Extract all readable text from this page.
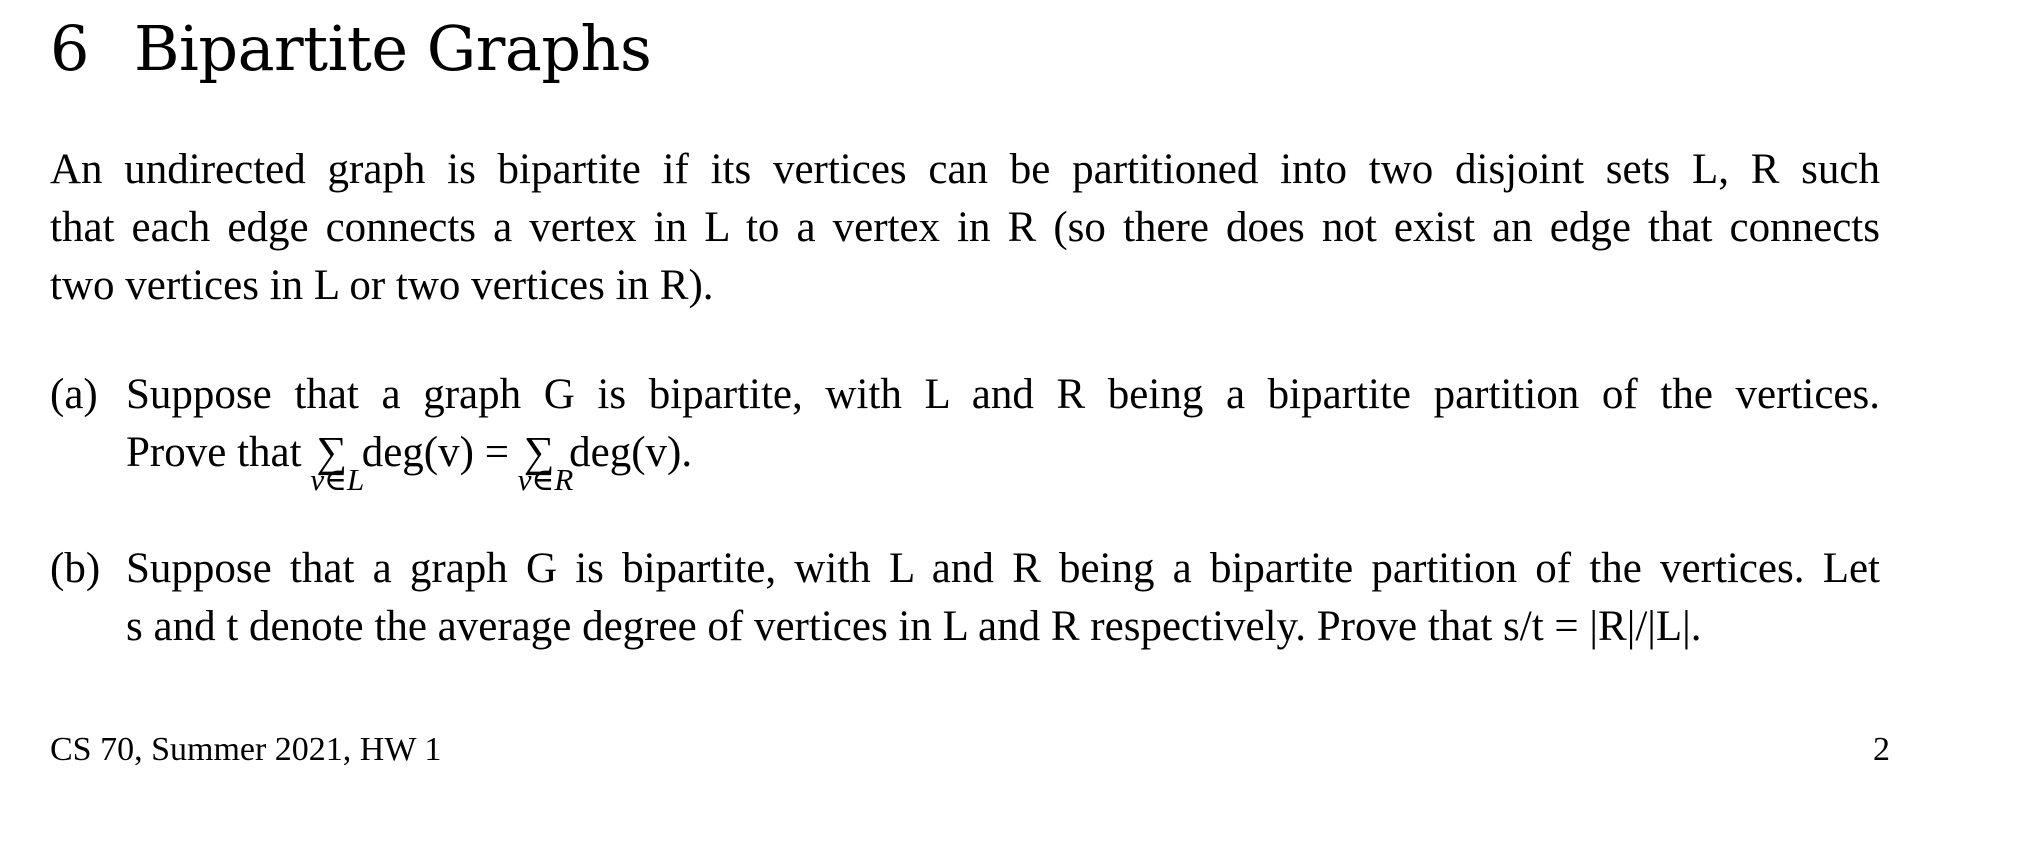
6 Bipartite Graphs
An undirected graph is bipartite if its vertices can be partitioned into two disjoint sets L, R such
that each edge connects a vertex in L to a vertex in R (so there does not exist an edge that connects
two vertices in L or two vertices in R).
(a) Suppose that a graph G is bipartite, with L and R being a bipartite partition of the vertices.
Prove that ∑
v∈L
deg(v) = ∑
v∈R
deg(v).
(b) Suppose that a graph G is bipartite, with L and R being a bipartite partition of the vertices. Let
s and t denote the average degree of vertices in L and R respectively. Prove that s/t = |R|/|L|.
CS 70, Summer 2021, HW 1	2
